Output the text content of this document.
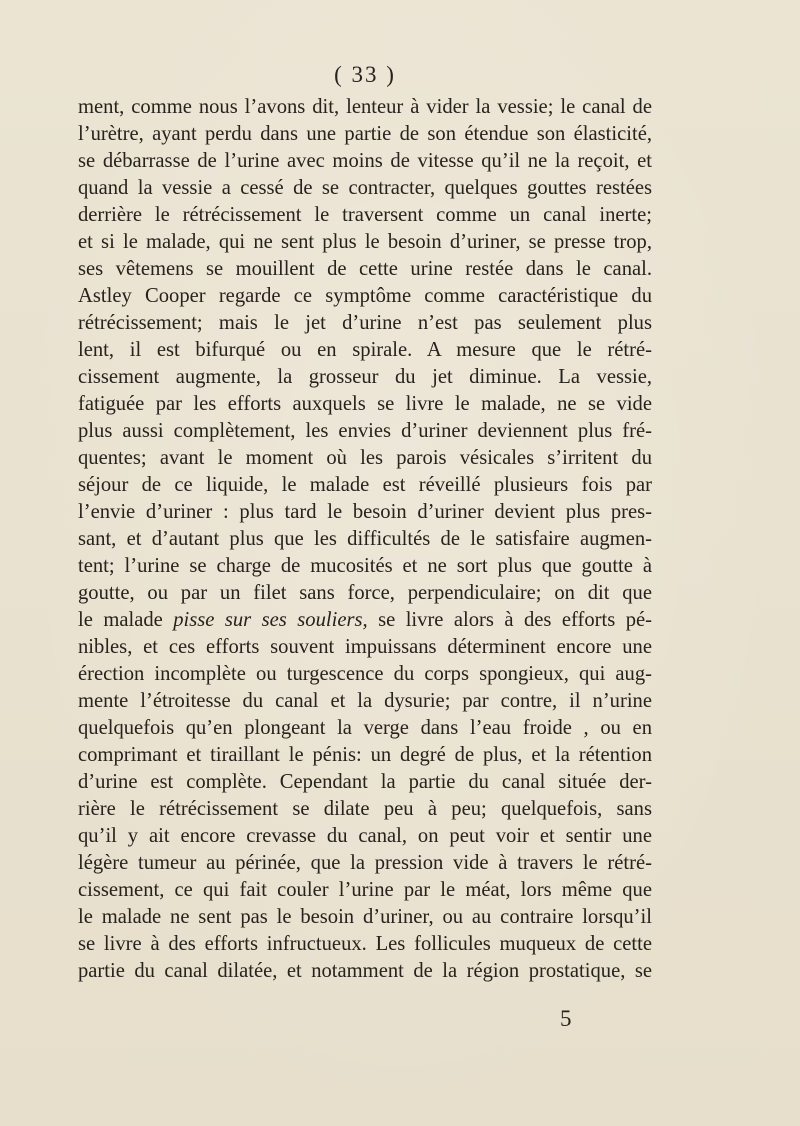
( 33 )
ment, comme nous l’avons dit, lenteur à vider la vessie; le canal de
l’urètre, ayant perdu dans une partie de son étendue son élasticité,
se débarrasse de l’urine avec moins de vitesse qu’il ne la reçoit, et
quand la vessie a cessé de se contracter, quelques gouttes restées
derrière le rétrécissement le traversent comme un canal inerte;
et si le malade, qui ne sent plus le besoin d’uriner, se presse trop,
ses vêtemens se mouillent de cette urine restée dans le canal.
Astley Cooper regarde ce symptôme comme caractéristique du
rétrécissement; mais le jet d’urine n’est pas seulement plus
lent, il est bifurqué ou en spirale. A mesure que le rétré-
cissement augmente, la grosseur du jet diminue. La vessie,
fatiguée par les efforts auxquels se livre le malade, ne se vide
plus aussi complètement, les envies d’uriner deviennent plus fré-
quentes; avant le moment où les parois vésicales s’irritent du
séjour de ce liquide, le malade est réveillé plusieurs fois par
l’envie d’uriner : plus tard le besoin d’uriner devient plus pres-
sant, et d’autant plus que les difficultés de le satisfaire augmen-
tent; l’urine se charge de mucosités et ne sort plus que goutte à
goutte, ou par un filet sans force, perpendiculaire; on dit que
le malade pisse sur ses souliers, se livre alors à des efforts pé-
nibles, et ces efforts souvent impuissans déterminent encore une
érection incomplète ou turgescence du corps spongieux, qui aug-
mente l’étroitesse du canal et la dysurie; par contre, il n’urine
quelquefois qu’en plongeant la verge dans l’eau froide , ou en
comprimant et tiraillant le pénis: un degré de plus, et la rétention
d’urine est complète. Cependant la partie du canal située der-
rière le rétrécissement se dilate peu à peu; quelquefois, sans
qu’il y ait encore crevasse du canal, on peut voir et sentir une
légère tumeur au périnée, que la pression vide à travers le rétré-
cissement, ce qui fait couler l’urine par le méat, lors même que
le malade ne sent pas le besoin d’uriner, ou au contraire lorsqu’il
se livre à des efforts infructueux. Les follicules muqueux de cette
partie du canal dilatée, et notamment de la région prostatique, se
5
